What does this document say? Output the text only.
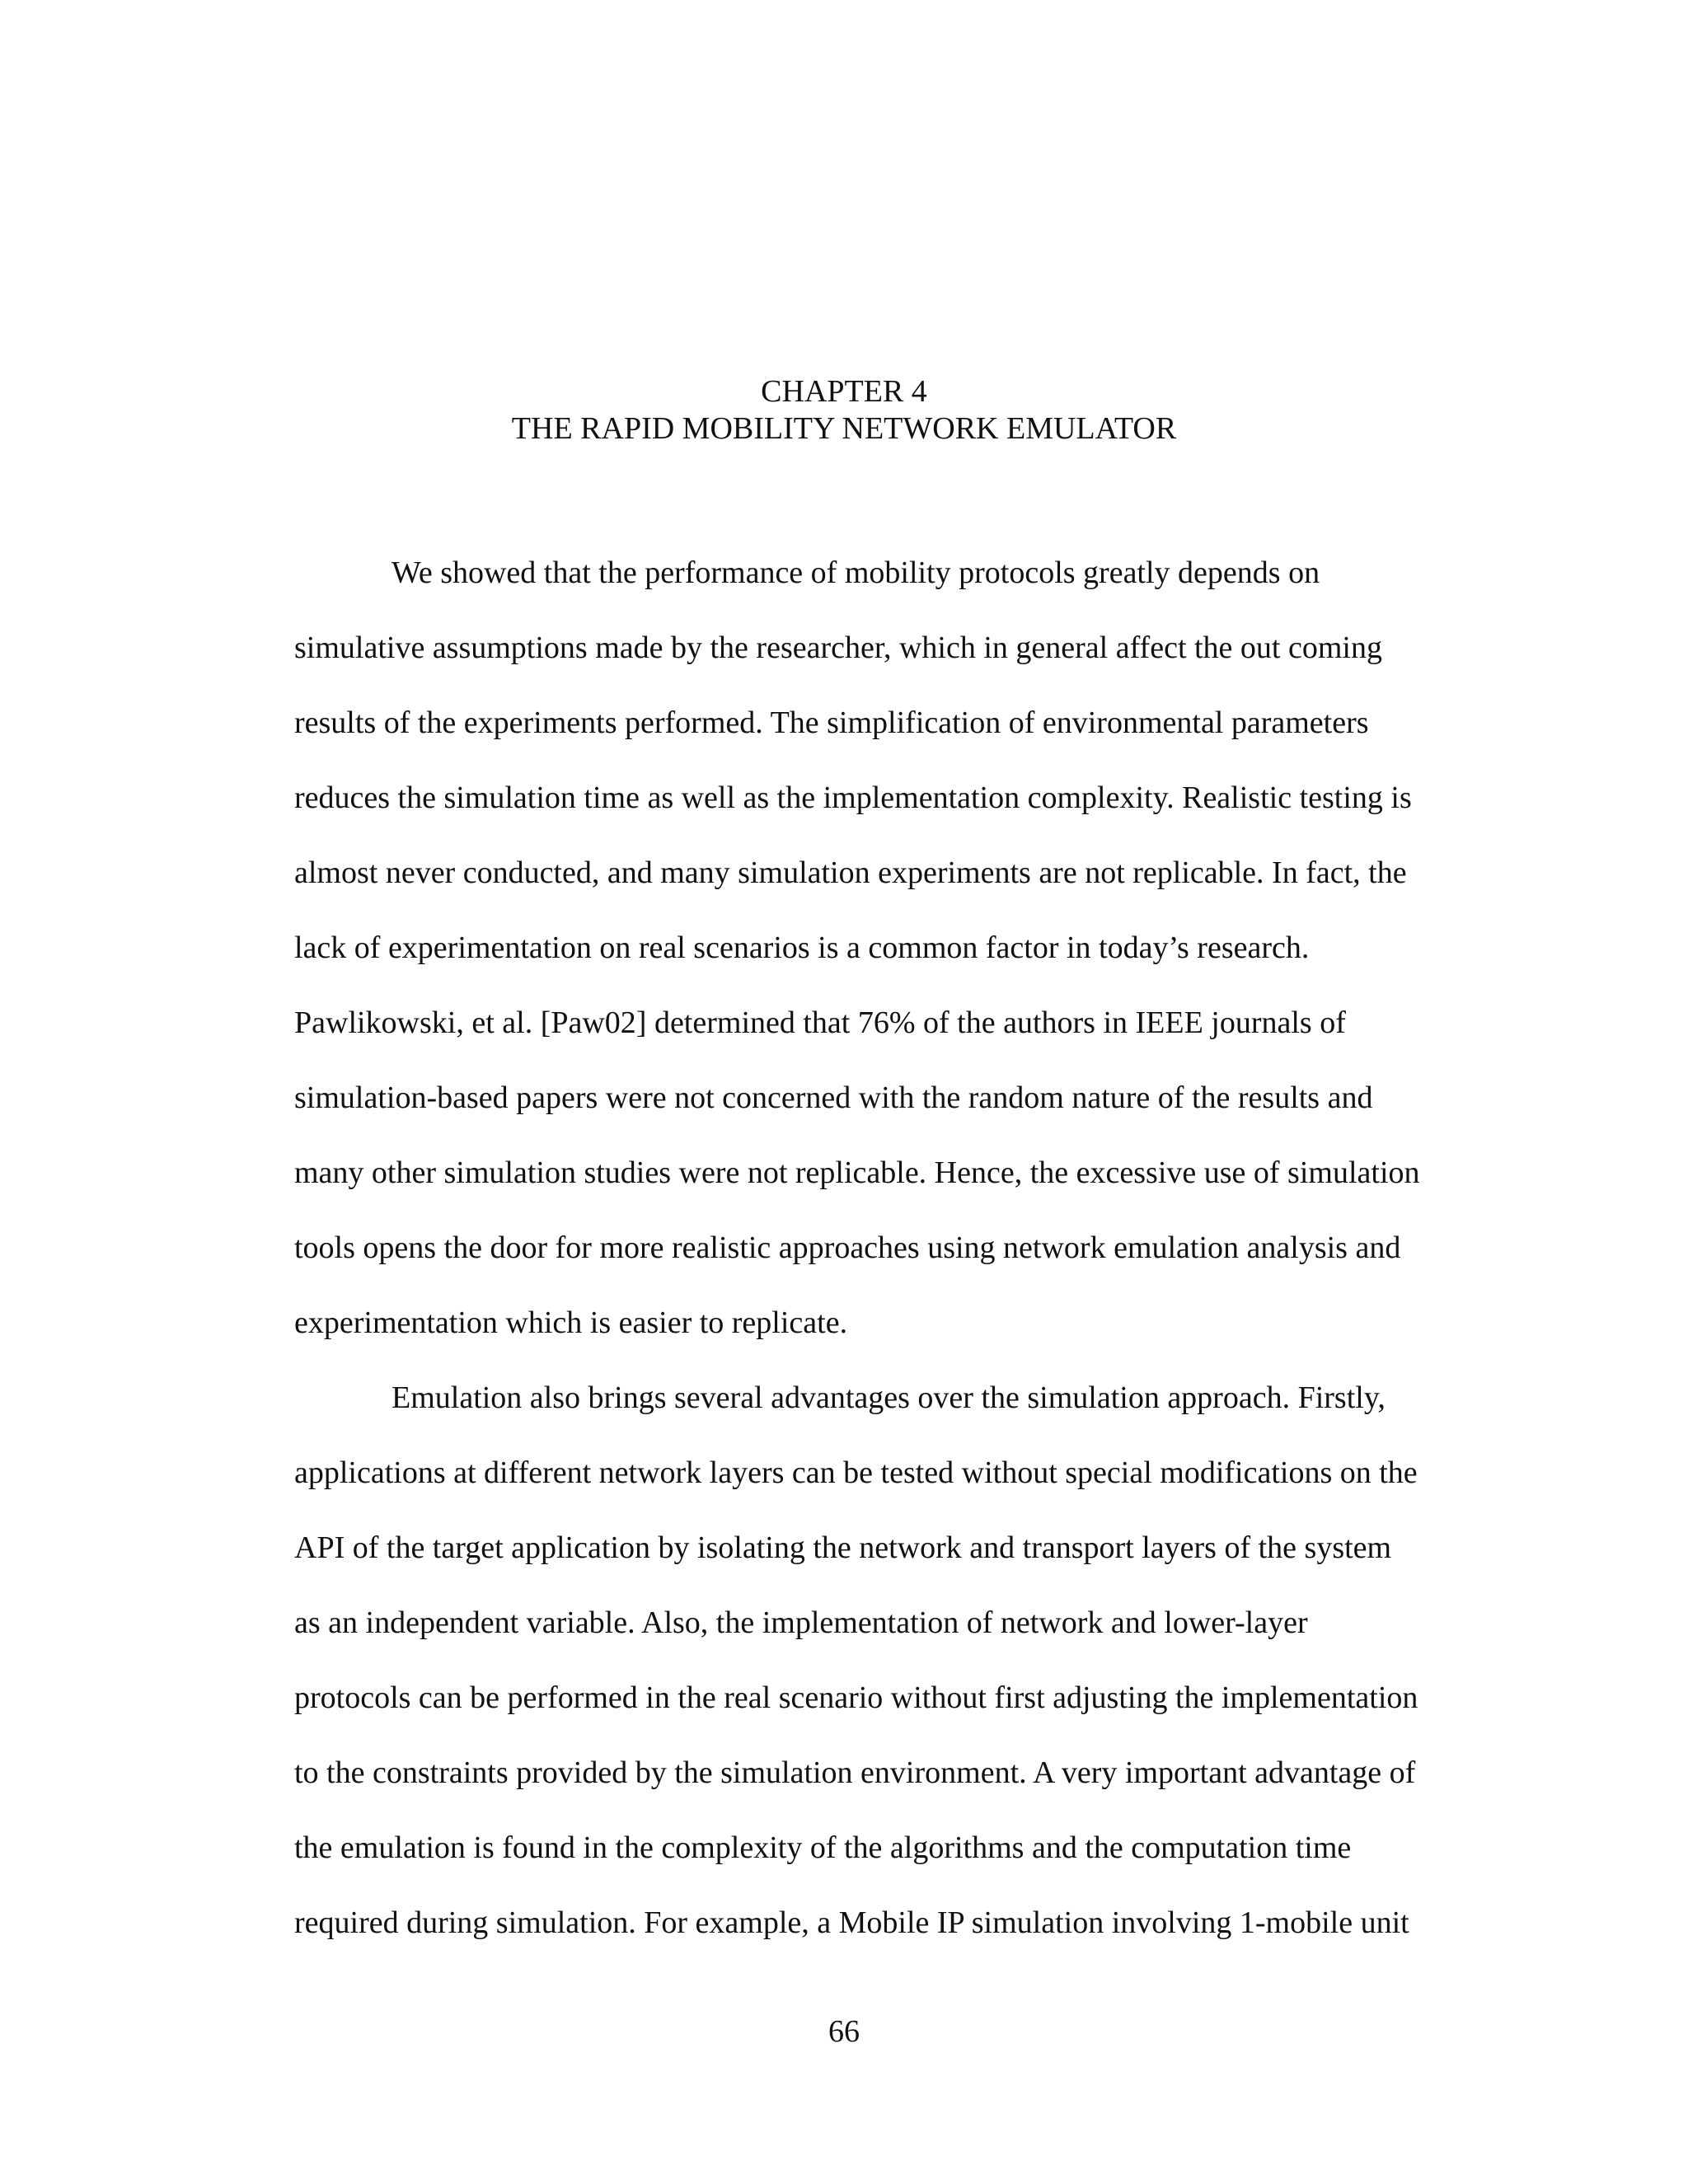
CHAPTER 4
THE RAPID MOBILITY NETWORK EMULATOR

We showed that the performance of mobility protocols greatly depends on

simulative assumptions made by the researcher, which in general affect the out coming

results of the experiments performed. The simplification of environmental parameters

reduces the simulation time as well as the implementation complexity. Realistic testing is

almost never conducted, and many simulation experiments are not replicable. In fact, the

lack of experimentation on real scenarios is a common factor in today’s research.

Pawlikowski, et al. [Paw02] determined that 76% of the authors in IEEE journals of

simulation-based papers were not concerned with the random nature of the results and

many other simulation studies were not replicable. Hence, the excessive use of simulation

tools opens the door for more realistic approaches using network emulation analysis and

experimentation which is easier to replicate.

Emulation also brings several advantages over the simulation approach. Firstly,

applications at different network layers can be tested without special modifications on the

API of the target application by isolating the network and transport layers of the system

as an independent variable. Also, the implementation of network and lower-layer

protocols can be performed in the real scenario without first adjusting the implementation

to the constraints provided by the simulation environment. A very important advantage of

the emulation is found in the complexity of the algorithms and the computation time

required during simulation. For example, a Mobile IP simulation involving 1-mobile unit

66
